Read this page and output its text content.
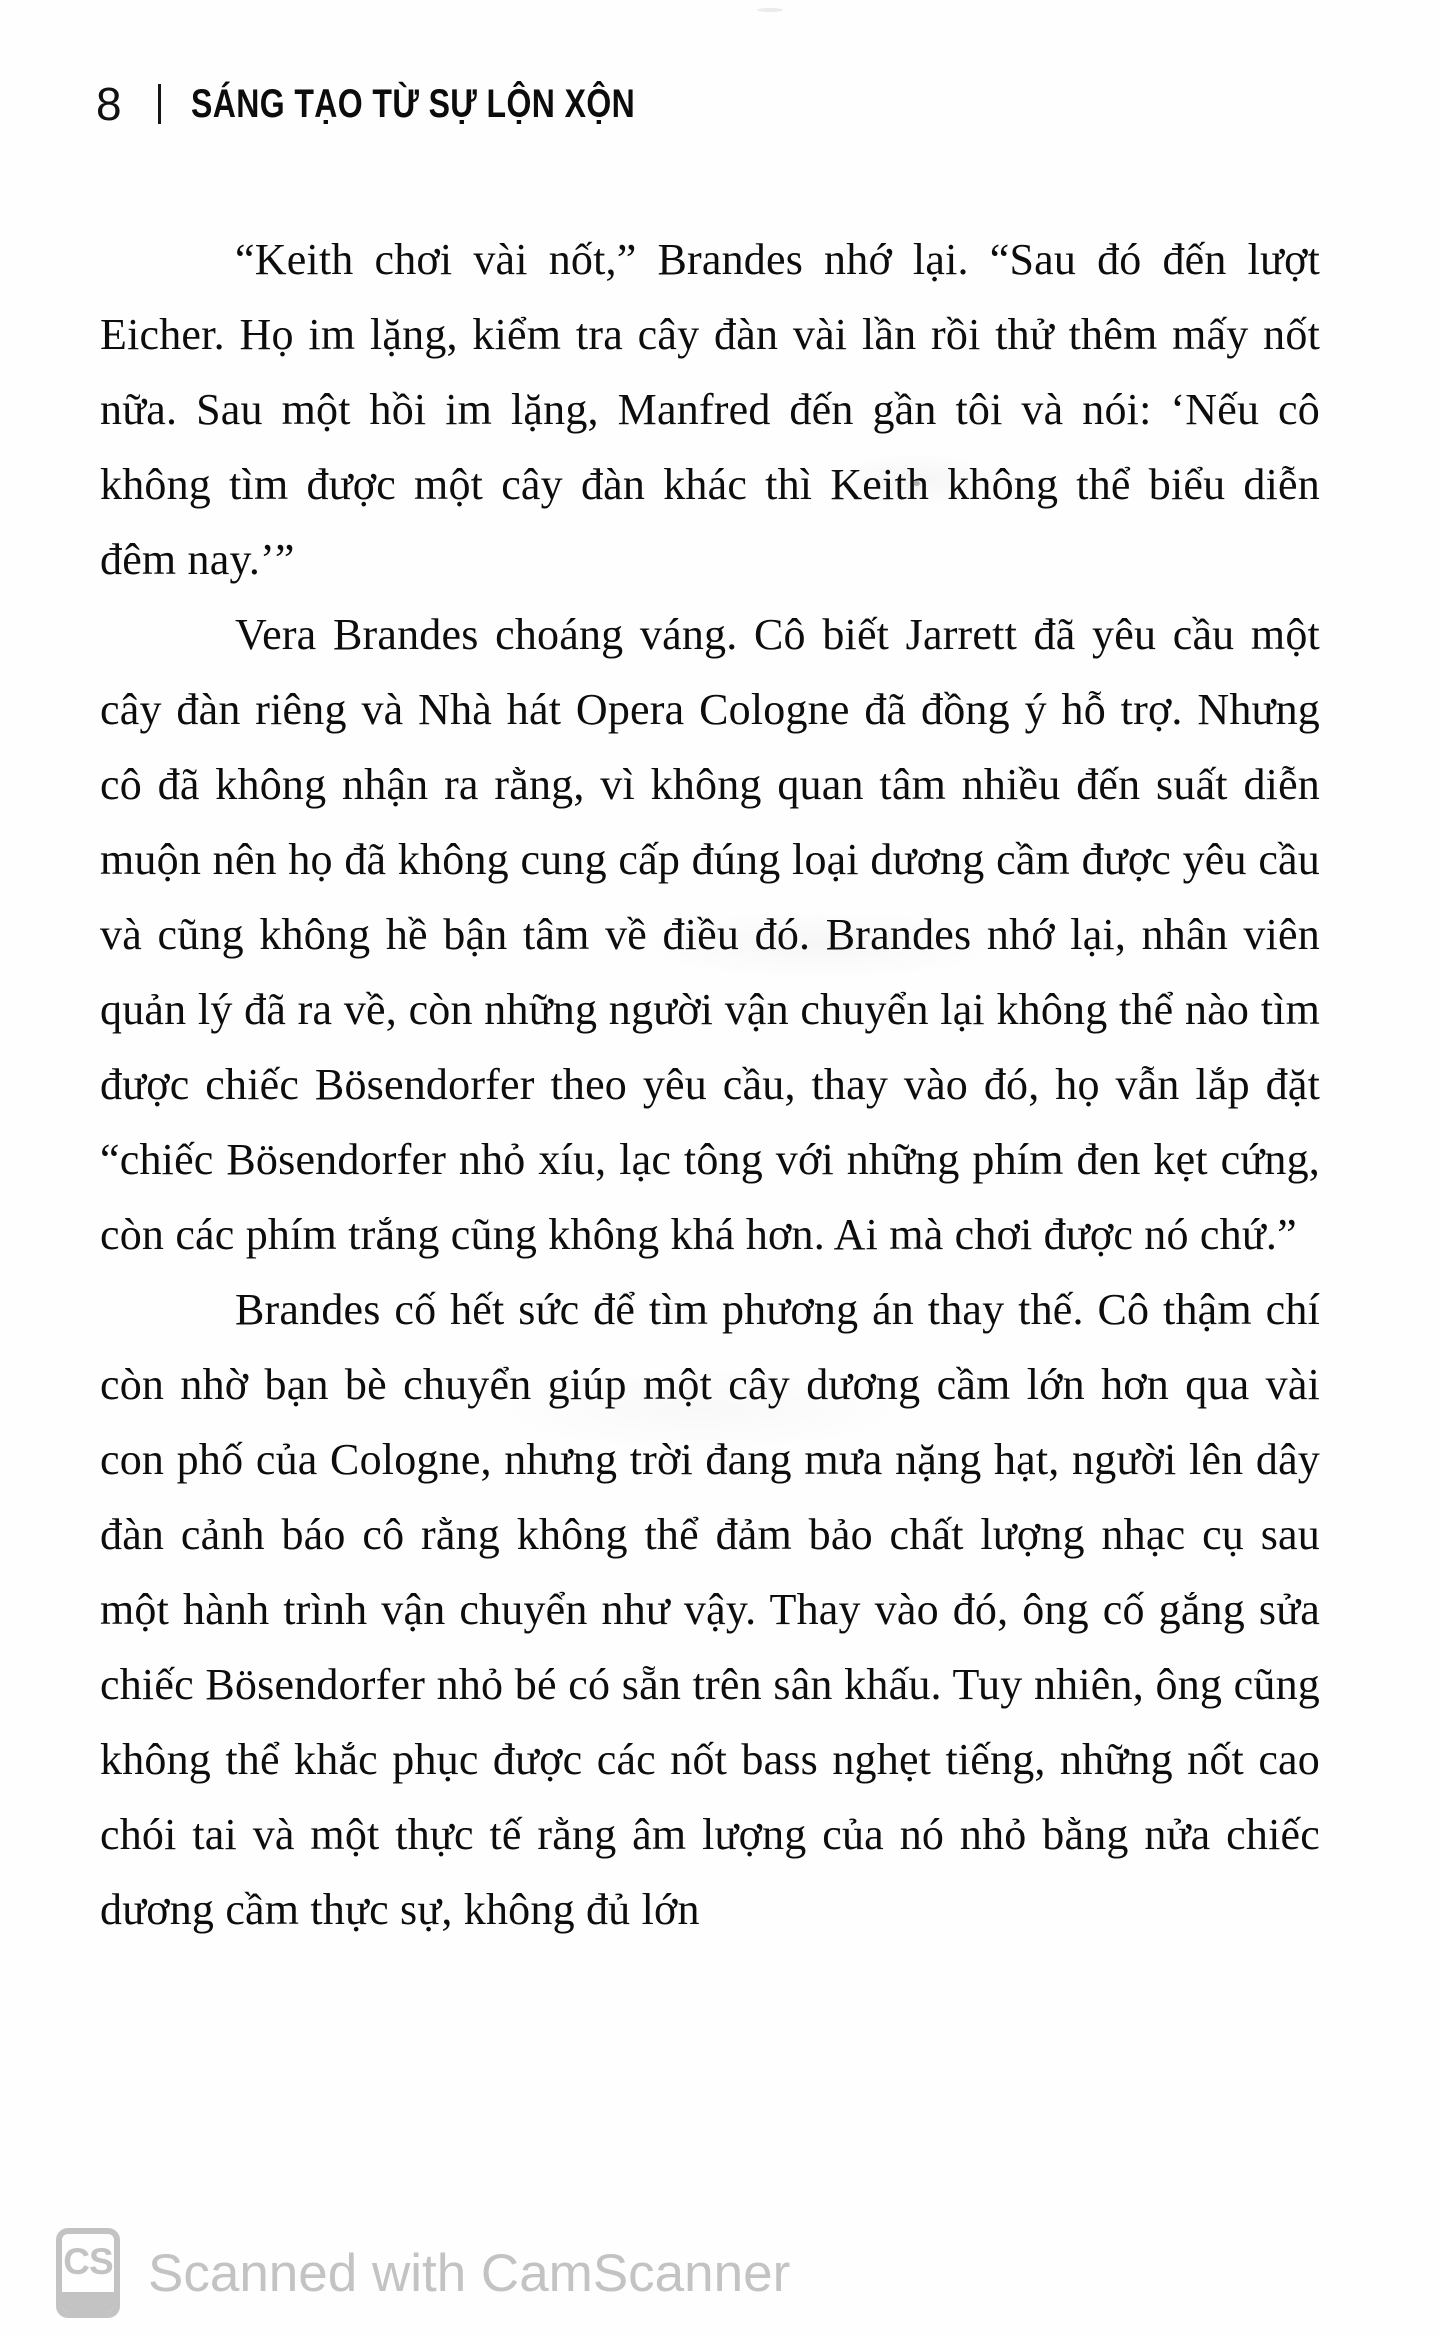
8 SÁNG TẠO TỪ SỰ LỘN XỘN

“Keith chơi vài nốt,” Brandes nhớ lại. “Sau đó đến lượt Eicher. Họ im lặng, kiểm tra cây đàn vài lần rồi thử thêm mấy nốt nữa. Sau một hồi im lặng, Manfred đến gần tôi và nói: ‘Nếu cô không tìm được một cây đàn khác thì Keith không thể biểu diễn đêm nay.’”

Vera Brandes choáng váng. Cô biết Jarrett đã yêu cầu một cây đàn riêng và Nhà hát Opera Cologne đã đồng ý hỗ trợ. Nhưng cô đã không nhận ra rằng, vì không quan tâm nhiều đến suất diễn muộn nên họ đã không cung cấp đúng loại dương cầm được yêu cầu và cũng không hề bận tâm về điều đó. Brandes nhớ lại, nhân viên quản lý đã ra về, còn những người vận chuyển lại không thể nào tìm được chiếc Bösendorfer theo yêu cầu, thay vào đó, họ vẫn lắp đặt “chiếc Bösendorfer nhỏ xíu, lạc tông với những phím đen kẹt cứng, còn các phím trắng cũng không khá hơn. Ai mà chơi được nó chứ.”

Brandes cố hết sức để tìm phương án thay thế. Cô thậm chí còn nhờ bạn bè chuyển giúp một cây dương cầm lớn hơn qua vài con phố của Cologne, nhưng trời đang mưa nặng hạt, người lên dây đàn cảnh báo cô rằng không thể đảm bảo chất lượng nhạc cụ sau một hành trình vận chuyển như vậy. Thay vào đó, ông cố gắng sửa chiếc Bösendorfer nhỏ bé có sẵn trên sân khấu. Tuy nhiên, ông cũng không thể khắc phục được các nốt bass nghẹt tiếng, những nốt cao chói tai và một thực tế rằng âm lượng của nó nhỏ bằng nửa chiếc dương cầm thực sự, không đủ lớn

CS Scanned with CamScanner
